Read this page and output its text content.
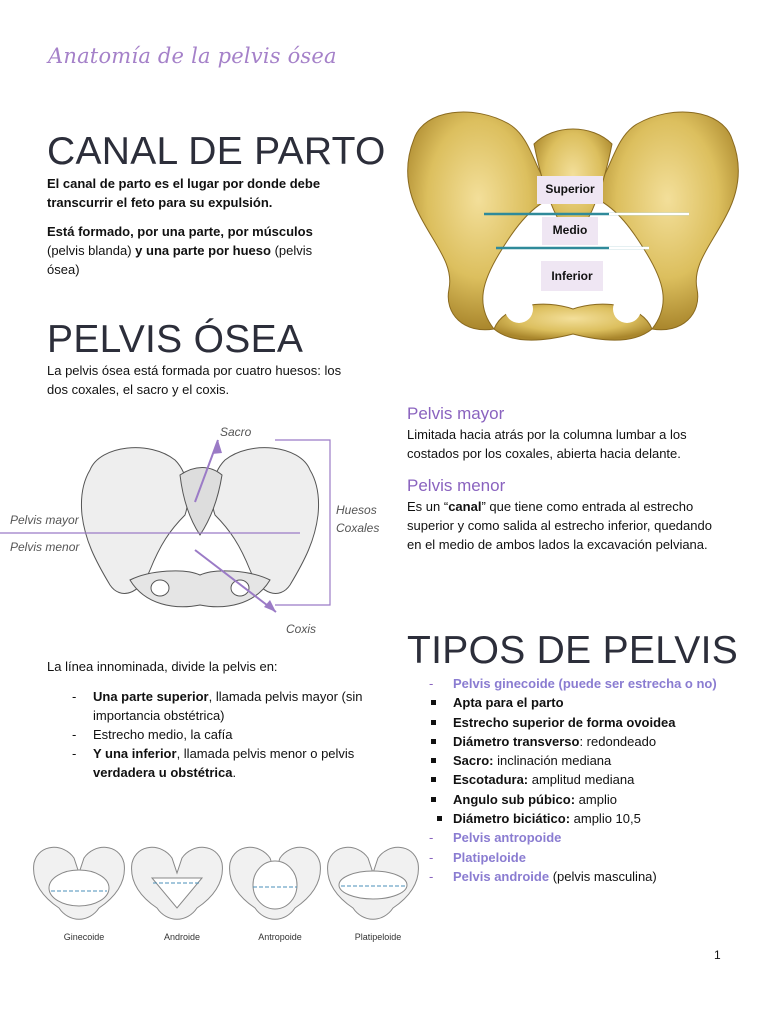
Anatomía de la pelvis ósea
CANAL DE PARTO

El canal de parto es el lugar por donde debe transcurrir el feto para su expulsión.

Está formado, por una parte, por músculos (pelvis blanda) y una parte por hueso (pelvis ósea)

Superior
Medio
Inferior
PELVIS ÓSEA

La pelvis ósea está formada por cuatro huesos: los dos coxales, el sacro y el coxis.

Sacro
Pelvis mayor
Pelvis menor
Huesos
Coxales
Coxis
Pelvis mayor

Limitada hacia atrás por la columna lumbar a los costados por los coxales, abierta hacia delante.

Pelvis menor

Es un “canal” que tiene como entrada al estrecho superior y como salida al estrecho inferior, quedando en el medio de ambos lados la excavación pelviana.

La línea innominada, divide la pelvis en:

- Una parte superior, llamada pelvis mayor (sin importancia obstétrica)
- Estrecho medio, la cafía
- Y una inferior, llamada pelvis menor o pelvis verdadera u obstétrica.
TIPOS DE PELVIS
- Pelvis ginecoide (puede ser estrecha o no)
Apta para el parto
Estrecho superior de forma ovoidea
Diámetro transverso: redondeado
Sacro: inclinación mediana
Escotadura: amplitud mediana
Angulo sub púbico: amplio
Diámetro biciático: amplio 10,5
- Pelvis antropoide
- Platipeloide
- Pelvis androide (pelvis masculina)
Ginecoide	Androide	Antropoide	Platipeloide
1
